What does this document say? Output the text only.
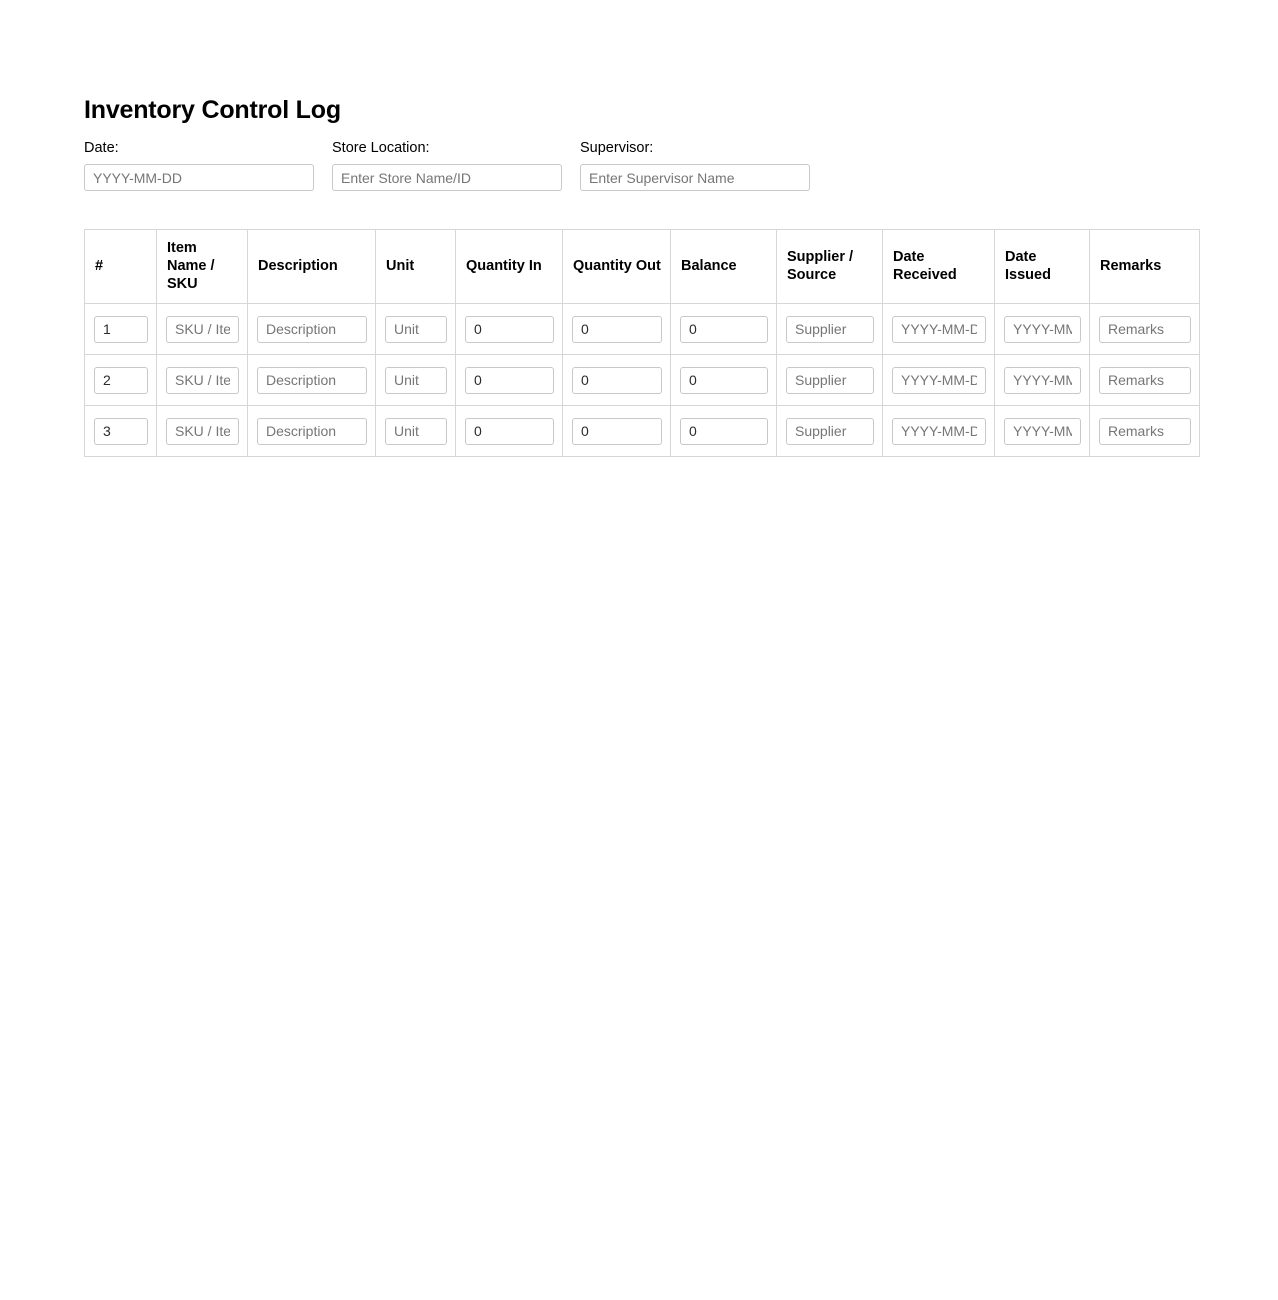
Inventory Control Log
Date:
YYYY-MM-DD	Store Location:
Enter Store Name/ID	Supervisor:
Enter Supervisor Name
#	Item Name / SKU	Description	Unit	Quantity In	Quantity Out	Balance	Supplier / Source	Date Received	Date Issued	Remarks

1	
SKU / Item Name	
Description	
Unit	
0	
0	
0	
Supplier	
YYYY-MM-DD	
YYYY-MM-DD	
Remarks

2	
SKU / Item Name	
Description	
Unit	
0	
0	
0	
Supplier	
YYYY-MM-DD	
YYYY-MM-DD	
Remarks

3	
SKU / Item Name	
Description	
Unit	
0	
0	
0	
Supplier	
YYYY-MM-DD	
YYYY-MM-DD	
Remarks
